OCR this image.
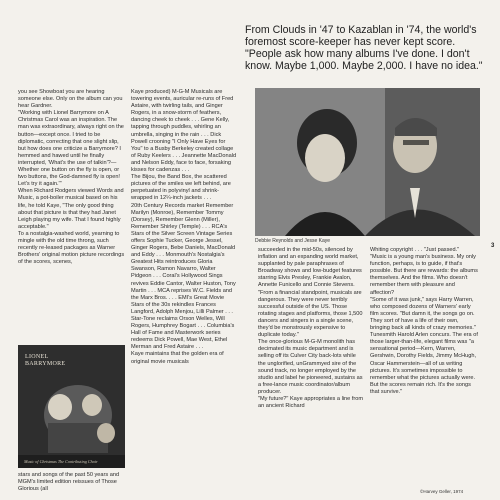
From Clouds in '47 to Kazablan in '74, the world's foremost score-keeper has never kept score. "People ask how many albums I've done. I don't know. Maybe 1,000. Maybe 2,000. I have no idea."
you see Showboat you are hearing someone else. Only on the album can you hear Gardner.
"Working with Lionel Barrymore on A Christmas Carol was an inspiration. The man was extraordinary, always right on the button—except once. I tried to be diplomatic, correcting that one slight slip, but how does one criticize a Barrymore? I hemmed and hawed until he finally interrupted, 'What's the use of talkin'?—Whether one button on the fly is open, or two buttons, the God-damned fly is open! Let's try it again.'"
When Richard Rodgers viewed Words and Music, a pot-boiler musical based on his life, he told Kaye, "The only good thing about that picture is that they had Janet Leigh playing my wife. That I found highly acceptable."
To a nostalgia-washed world, yearning to mingle with the old time throng, such recently re-leased packages as Warner Brothers' original motion picture recordings of the scores, scenes,
LIONEL
BARRYMORE
Music of Christmas The Contributing Choir
stars and songs of the past 50 years and MGM's limited edition reissues of Those Glorious (all
Kaye produced) M-G-M Musicals are towering events, auricular re-runs of Fred Astaire, with twirling tails, and Ginger Rogers, in a snow-storm of feathers, dancing cheek to cheek . . . Gene Kelly, tapping through puddles, whirling an umbrella, singing in the rain . . . Dick Powell crooning "I Only Have Eyes for You" to a Busby Berkeley created collage of Ruby Keelers . . . Jeannette MacDonald and Nelson Eddy, face to face, forsaking kisses for cadenzas . . .
The Bijou, the Band Box, the scattered pictures of the smiles we left behind, are perpetuated in polyvinyl and shrink-wrapped in 12¼-inch jackets . . .
20th Century Records market Remember Marilyn (Monroe), Remember Tommy (Dorsey), Remember Glenn (Miller), Remember Shirley (Temple) . . . RCA's Stars of the Silver Screen Vintage Series offers Sophie Tucker, George Jessel, Ginger Rogers, Bebe Daniels, MacDonald and Eddy . . . Monmouth's Nostalgia's Greatest Hits reintroduces Gloria Swanson, Ramon Navarro, Walter Pidgeon . . . Coral's Hollywood Sings revives Eddie Cantor, Walter Huston, Tony Martin . . . MCA reprises W.C. Fields and the Marx Bros. . . . EMI's Great Movie Stars of the 30s rekindles Frances Langford, Adolph Menjou, Lilli Palmer . . . Star-Tone reclaims Orson Welles, Will Rogers, Humphrey Bogart . . . Columbia's Hall of Fame and Masterwork series redeems Dick Powell, Mae West, Ethel Merman and Fred Astaire . . .
Kaye maintains that the golden era of original movie musicals
Debbie Reynolds and Jesse Kaye
succeeded in the mid-50s, silenced by inflation and an expanding world market, supplanted by pale paraphrases of Broadway shows and low-budget features starring Elvis Presley, Frankie Avalon, Annette Funicello and Connie Stevens.
"From a financial standpoint, musicals are dangerous. They were never terribly successful outside of the US. Those rotating stages and platforms, those 1,500 dancers and singers in a single scene, they'd be monstrously expensive to duplicate today."
The once-glorious M-G-M monolith has decimated its music department and is selling off its Culver City back-lots while the unglorified, unGrammyed sire of the sound track, no longer employed by the studio and label he pioneered, sustains as a free-lance music coordinator/album producer.
"My future?" Kaye appropriates a line from an ancient Richard
Whiting copyright . . . "Just passed."
"Music is a young man's business. My only function, perhaps, is to guide, if that's possible. But there are rewards: the albums themselves. And the films. Who doesn't remember them with pleasure and affection?
"Some of it was junk," says Harry Warren, who composed dozens of Warners' early film scores. "But damn it, the songs go on. They sort of have a life of their own, bringing back all kinds of crazy memories."
Tunesmith Harold Arlen concurs. The era of those larger-than-life, elegant films was "a sensational period—Kern, Warren, Gershwin, Dorothy Fields, Jimmy McHugh, Oscar Hammerstein—all of us writing pictures. It's sometimes impossible to remember what the pictures actually were. But the scores remain rich. It's the songs that survive."
3
©Harvey Geller, 1974
